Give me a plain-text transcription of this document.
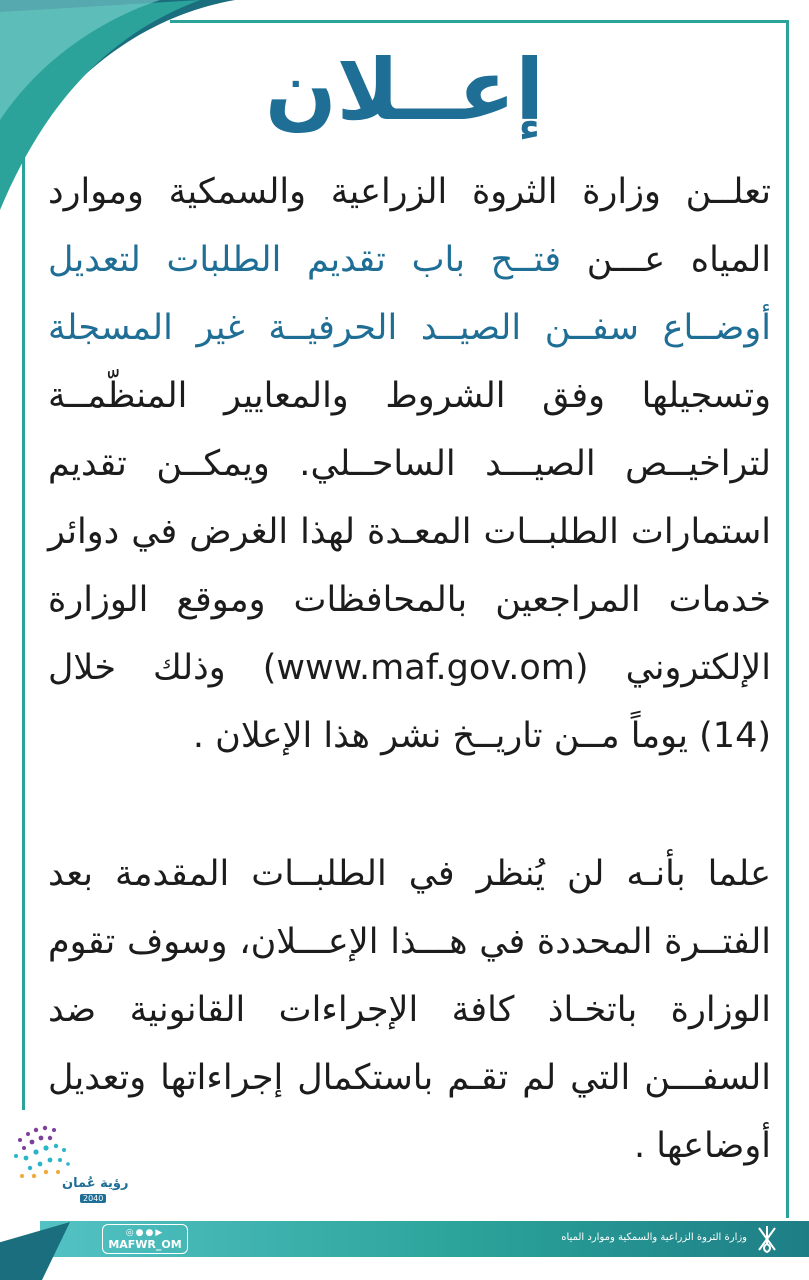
إعــلان

تعلــن وزارة الثروة الزراعية والسمكية وموارد المياه عـــن فتــح باب تقديم الطلبات لتعديل أوضــاع سفــن الصيــد الحرفيــة غير المسجلة وتسجيلها وفق الشروط والمعايير المنظّمــة لتراخيــص الصيـــد الساحــلي. ويمكــن تقديم استمارات الطلبــات المعـدة لهذا الغرض في دوائر خدمات المراجعين بالمحافظات وموقع الوزارة الإلكتروني (www.maf.gov.om) وذلك خلال (14) يوماً مــن تاريــخ نشر هذا الإعلان .

علما بأنـه لن يُنظر في الطلبــات المقدمة بعد الفتــرة المحددة في هـــذا الإعـــلان، وسوف تقوم الوزارة باتخـاذ كافة الإجراءات القانونية ضد السفـــن التي لم تقـم باستكمال إجراءاتها وتعديل أوضاعها .

رؤية عُمان
2040
◎●●▶
MAFWR_OM
وزارة الثروة الزراعية والسمكية وموارد المياه
